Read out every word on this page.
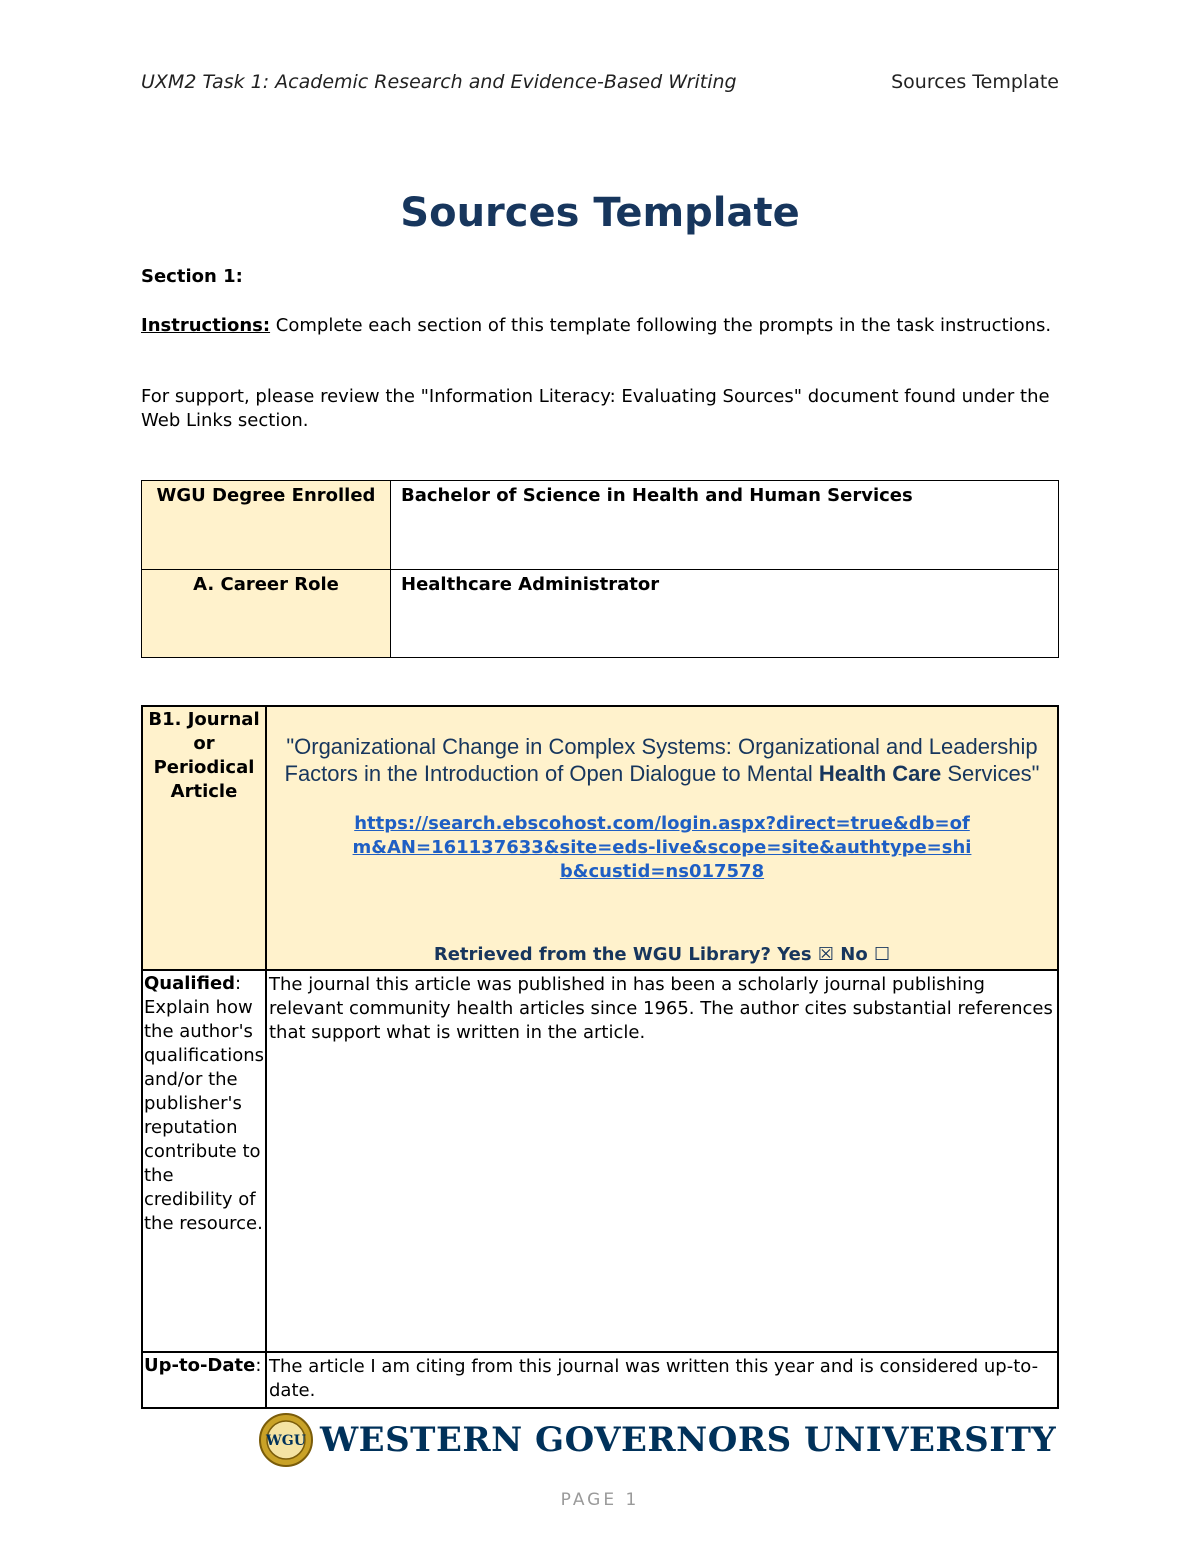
UXM2 Task 1: Academic Research and Evidence-Based Writing	Sources Template
Sources Template
Section 1:
Instructions: Complete each section of this template following the prompts in the task instructions.
For support, please review the "Information Literacy: Evaluating Sources" document found under the Web Links section.
WGU Degree Enrolled	Bachelor of Science in Health and Human Services
A. Career Role	Healthcare Administrator
B1. Journal or Periodical Article	"Organizational Change in Complex Systems: Organizational and Leadership Factors in the Introduction of Open Dialogue to Mental Health Care Services"
https://search.ebscohost.com/login.aspx?direct=true&db=ofm&AN=161137633&site=eds-live&scope=site&authtype=shib&custid=ns017578
Retrieved from the WGU Library? Yes ☒ No ☐

Qualified: Explain how the author's qualifications and/or the publisher's reputation contribute to the credibility of the resource.	The journal this article was published in has been a scholarly journal publishing relevant community health articles since 1965. The author cites substantial references that support what is written in the article.
Up-to-Date:	The article I am citing from this journal was written this year and is considered up-to-date.
WGU WESTERN GOVERNORS UNIVERSITY
PAGE 1
